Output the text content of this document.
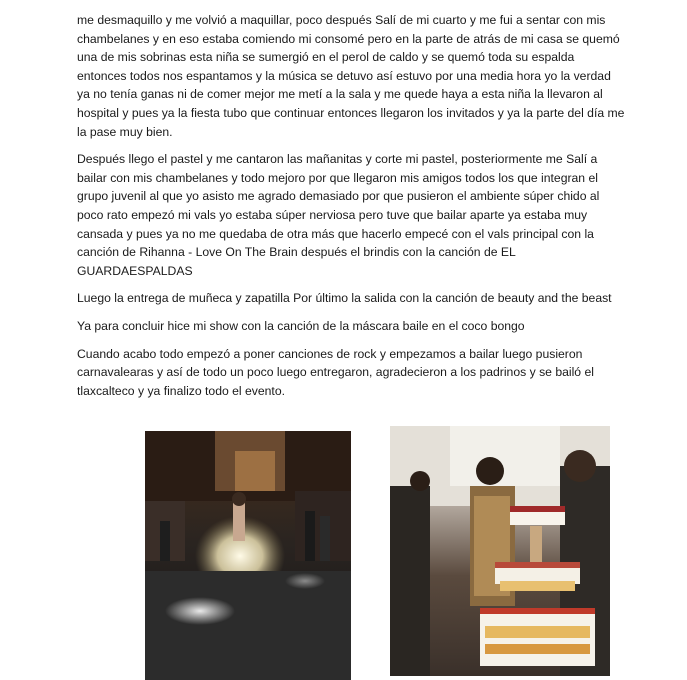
me desmaquillo y me volvió a maquillar, poco después Salí de mi cuarto y me fui a sentar con mis chambelanes y en eso estaba comiendo mi consomé pero en la parte de atrás de mi casa se quemó una de mis sobrinas esta niña se sumergió en el perol de caldo y se quemó toda su espalda entonces todos nos espantamos y la música se detuvo así estuvo por una media hora yo la verdad ya no tenía ganas ni de comer mejor me metí a la sala y me quede haya a esta niña la llevaron al hospital y pues ya la fiesta tubo que continuar entonces llegaron los invitados y ya la parte del día me la pase muy bien.

Después llego el pastel y me cantaron las mañanitas y corte mi pastel, posteriormente me Salí a bailar con mis chambelanes y todo mejoro por que llegaron mis amigos todos los que integran el grupo juvenil al que yo asisto me agrado demasiado por que pusieron el ambiente súper chido al poco rato empezó mi vals yo estaba súper nerviosa pero tuve que bailar aparte ya estaba muy cansada y pues ya no me quedaba de otra más que hacerlo empecé con el vals principal con la canción de Rihanna - Love On The Brain después el brindis con la canción de EL GUARDAESPALDAS

Luego la entrega de muñeca y zapatilla Por último la salida con la canción de beauty and the beast

Ya para concluir hice mi show con la canción de la máscara baile en el coco bongo

Cuando acabo todo empezó a poner canciones de rock y empezamos a bailar luego pusieron carnavalearas y así de todo un poco luego entregaron, agradecieron a los padrinos y se bailó el tlaxcalteco y ya finalizo todo el evento.
